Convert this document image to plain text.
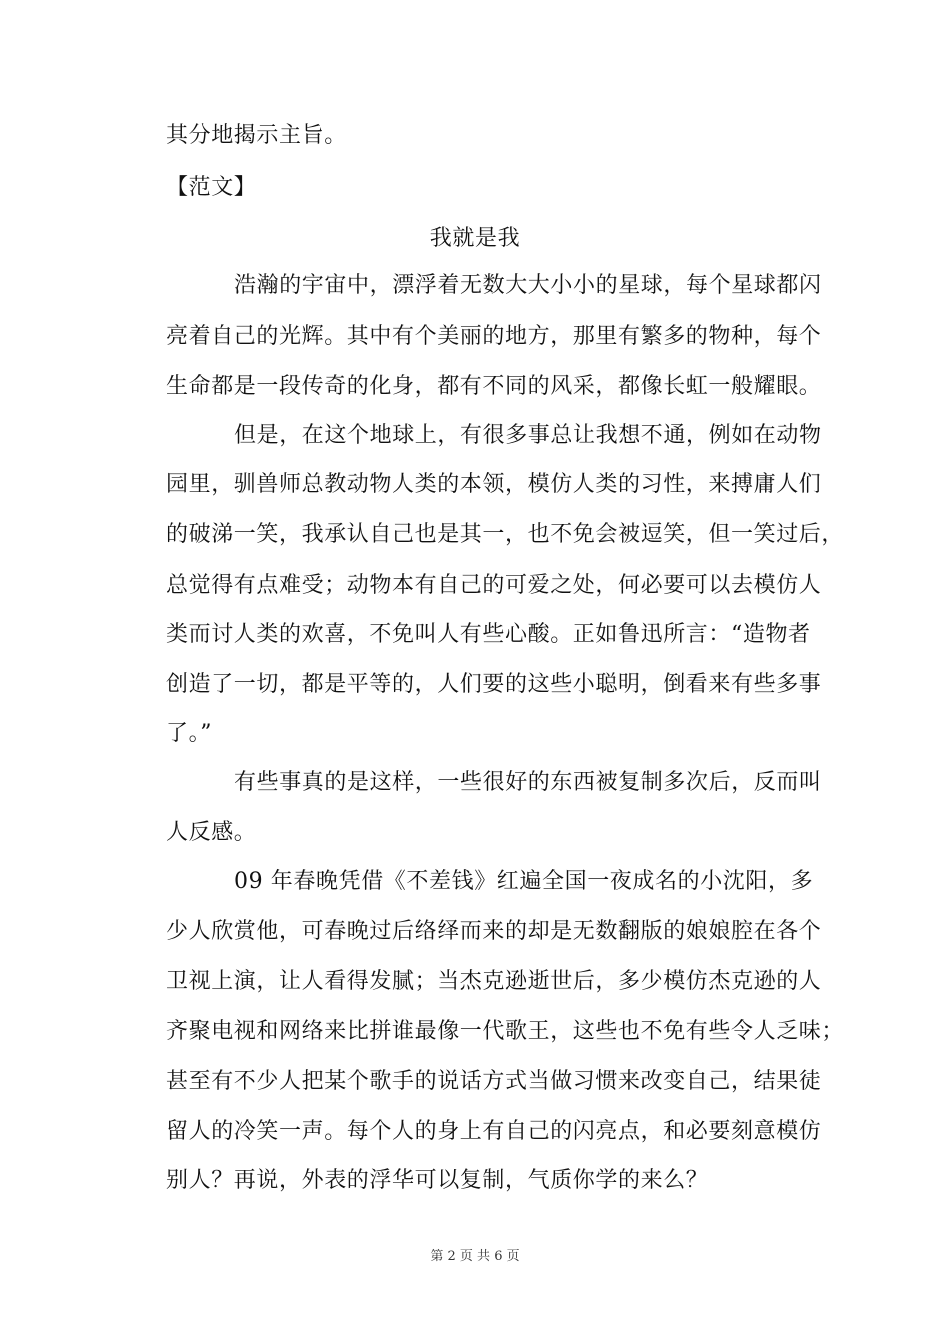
其分地揭示主旨。
【范文】
我就是我
浩瀚的宇宙中，漂浮着无数大大小小的星球，每个星球都闪
亮着自己的光辉。其中有个美丽的地方，那里有繁多的物种，每个
生命都是一段传奇的化身，都有不同的风采，都像长虹一般耀眼。
但是，在这个地球上，有很多事总让我想不通，例如在动物
园里，驯兽师总教动物人类的本领，模仿人类的习性，来搏庸人们
的破涕一笑，我承认自己也是其一，也不免会被逗笑，但一笑过后，
总觉得有点难受；动物本有自己的可爱之处，何必要可以去模仿人
类而讨人类的欢喜，不免叫人有些心酸。正如鲁迅所言：“造物者
创造了一切，都是平等的，人们要的这些小聪明，倒看来有些多事
了。”
有些事真的是这样，一些很好的东西被复制多次后，反而叫
人反感。
09 年春晚凭借《不差钱》红遍全国一夜成名的小沈阳，多
少人欣赏他，可春晚过后络绎而来的却是无数翻版的娘娘腔在各个
卫视上演，让人看得发腻；当杰克逊逝世后，多少模仿杰克逊的人
齐聚电视和网络来比拼谁最像一代歌王，这些也不免有些令人乏味；
甚至有不少人把某个歌手的说话方式当做习惯来改变自己，结果徒
留人的冷笑一声。每个人的身上有自己的闪亮点，和必要刻意模仿
别人？再说，外表的浮华可以复制，气质你学的来么？
第 2 页 共 6 页
